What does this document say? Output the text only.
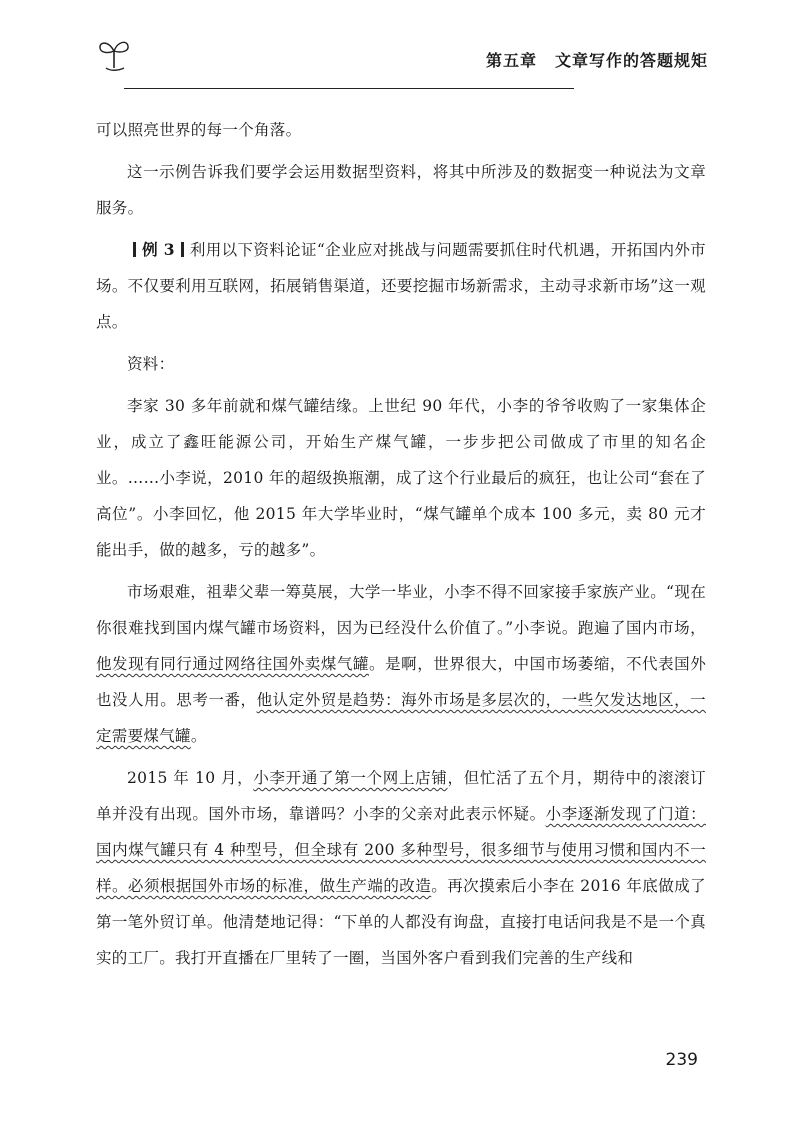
第五章 文章写作的答题规矩

可以照亮世界的每一个角落。

这一示例告诉我们要学会运用数据型资料，将其中所涉及的数据变一种说法为文章服务。

例 3 利用以下资料论证“企业应对挑战与问题需要抓住时代机遇，开拓国内外市场。不仅要利用互联网，拓展销售渠道，还要挖掘市场新需求，主动寻求新市场”这一观点。

资料：

李家 30 多年前就和煤气罐结缘。上世纪 90 年代，小李的爷爷收购了一家集体企业，成立了鑫旺能源公司，开始生产煤气罐，一步步把公司做成了市里的知名企业。……小李说，2010 年的超级换瓶潮，成了这个行业最后的疯狂，也让公司“套在了高位”。小李回忆，他 2015 年大学毕业时，“煤气罐单个成本 100 多元，卖 80 元才能出手，做的越多，亏的越多”。

市场艰难，祖辈父辈一筹莫展，大学一毕业，小李不得不回家接手家族产业。“现在你很难找到国内煤气罐市场资料，因为已经没什么价值了。”小李说。跑遍了国内市场，他发现有同行通过网络往国外卖煤气罐。是啊，世界很大，中国市场萎缩，不代表国外也没人用。思考一番，他认定外贸是趋势：海外市场是多层次的，一些欠发达地区，一定需要煤气罐。

2015 年 10 月，小李开通了第一个网上店铺，但忙活了五个月，期待中的滚滚订单并没有出现。国外市场，靠谱吗？小李的父亲对此表示怀疑。小李逐渐发现了门道：国内煤气罐只有 4 种型号，但全球有 200 多种型号，很多细节与使用习惯和国内不一样。必须根据国外市场的标准，做生产端的改造。再次摸索后小李在 2016 年底做成了第一笔外贸订单。他清楚地记得：“下单的人都没有询盘，直接打电话问我是不是一个真实的工厂。我打开直播在厂里转了一圈，当国外客户看到我们完善的生产线和

239
